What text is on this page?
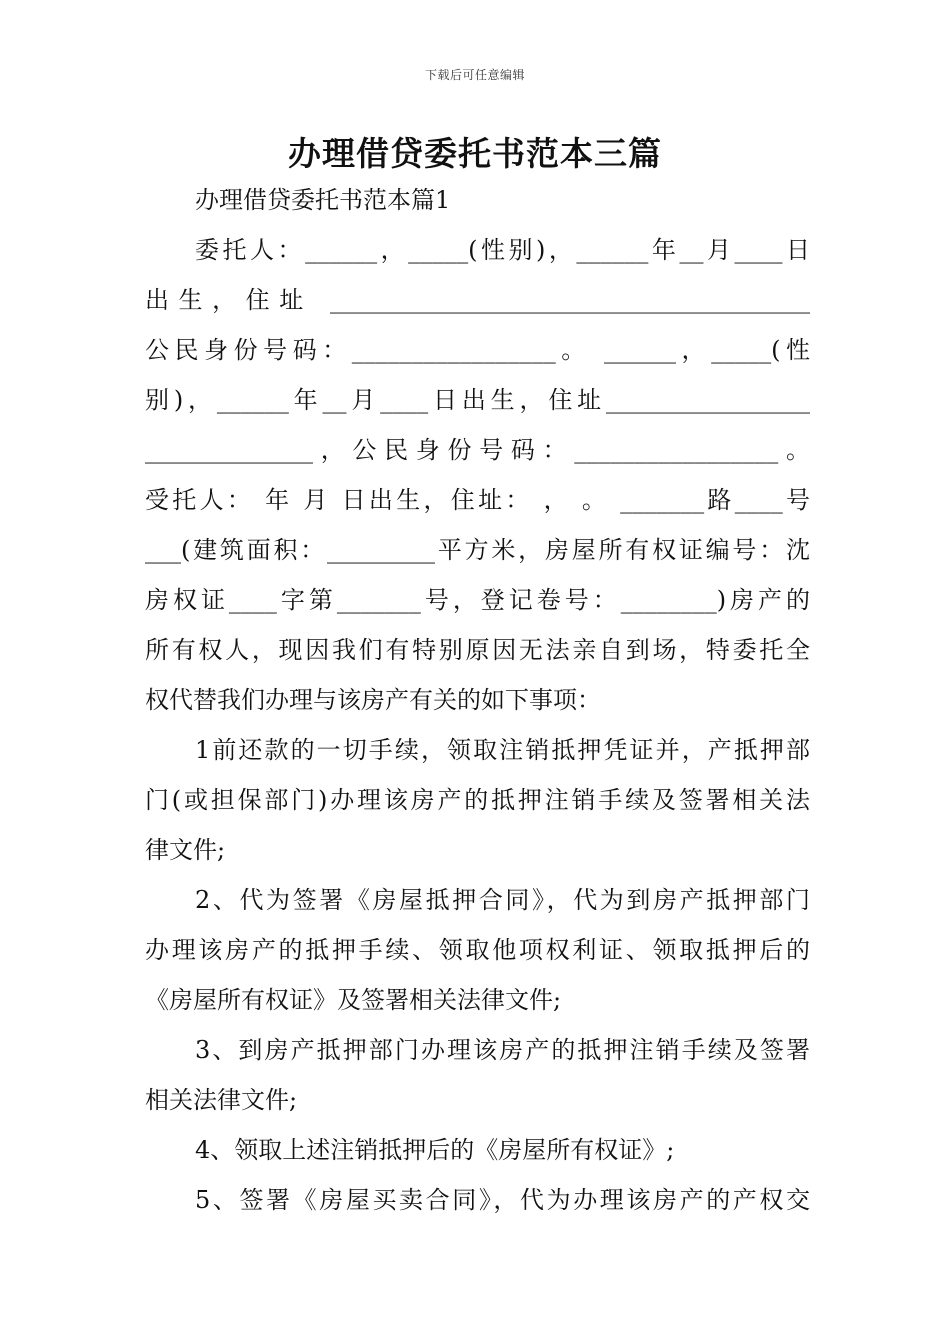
下载后可任意编辑
办理借贷委托书范本三篇
办理借贷委托书范本篇1
委托人：______，_____(性别)，______年__月____日
出生，住址 ________________________________________
公民身份号码：_________________。 ______，_____(性
别)，______年__月____日出生，住址_________________
______________，公民身份号码：_________________。
受托人： 年 月 日出生，住址： ， 。 _______路____号
___(建筑面积：_________平方米，房屋所有权证编号：沈
房权证____字第_______号，登记卷号：________)房产的
所有权人，现因我们有特别原因无法亲自到场，特委托全
权代替我们办理与该房产有关的如下事项：
1前还款的一切手续，领取注销抵押凭证并，产抵押部
门(或担保部门)办理该房产的抵押注销手续及签署相关法
律文件;
2、代为签署《房屋抵押合同》，代为到房产抵押部门
办理该房产的抵押手续、领取他项权利证、领取抵押后的
《房屋所有权证》及签署相关法律文件;
3、到房产抵押部门办理该房产的抵押注销手续及签署
相关法律文件;
4、领取上述注销抵押后的《房屋所有权证》;
5、签署《房屋买卖合同》，代为办理该房产的产权交
